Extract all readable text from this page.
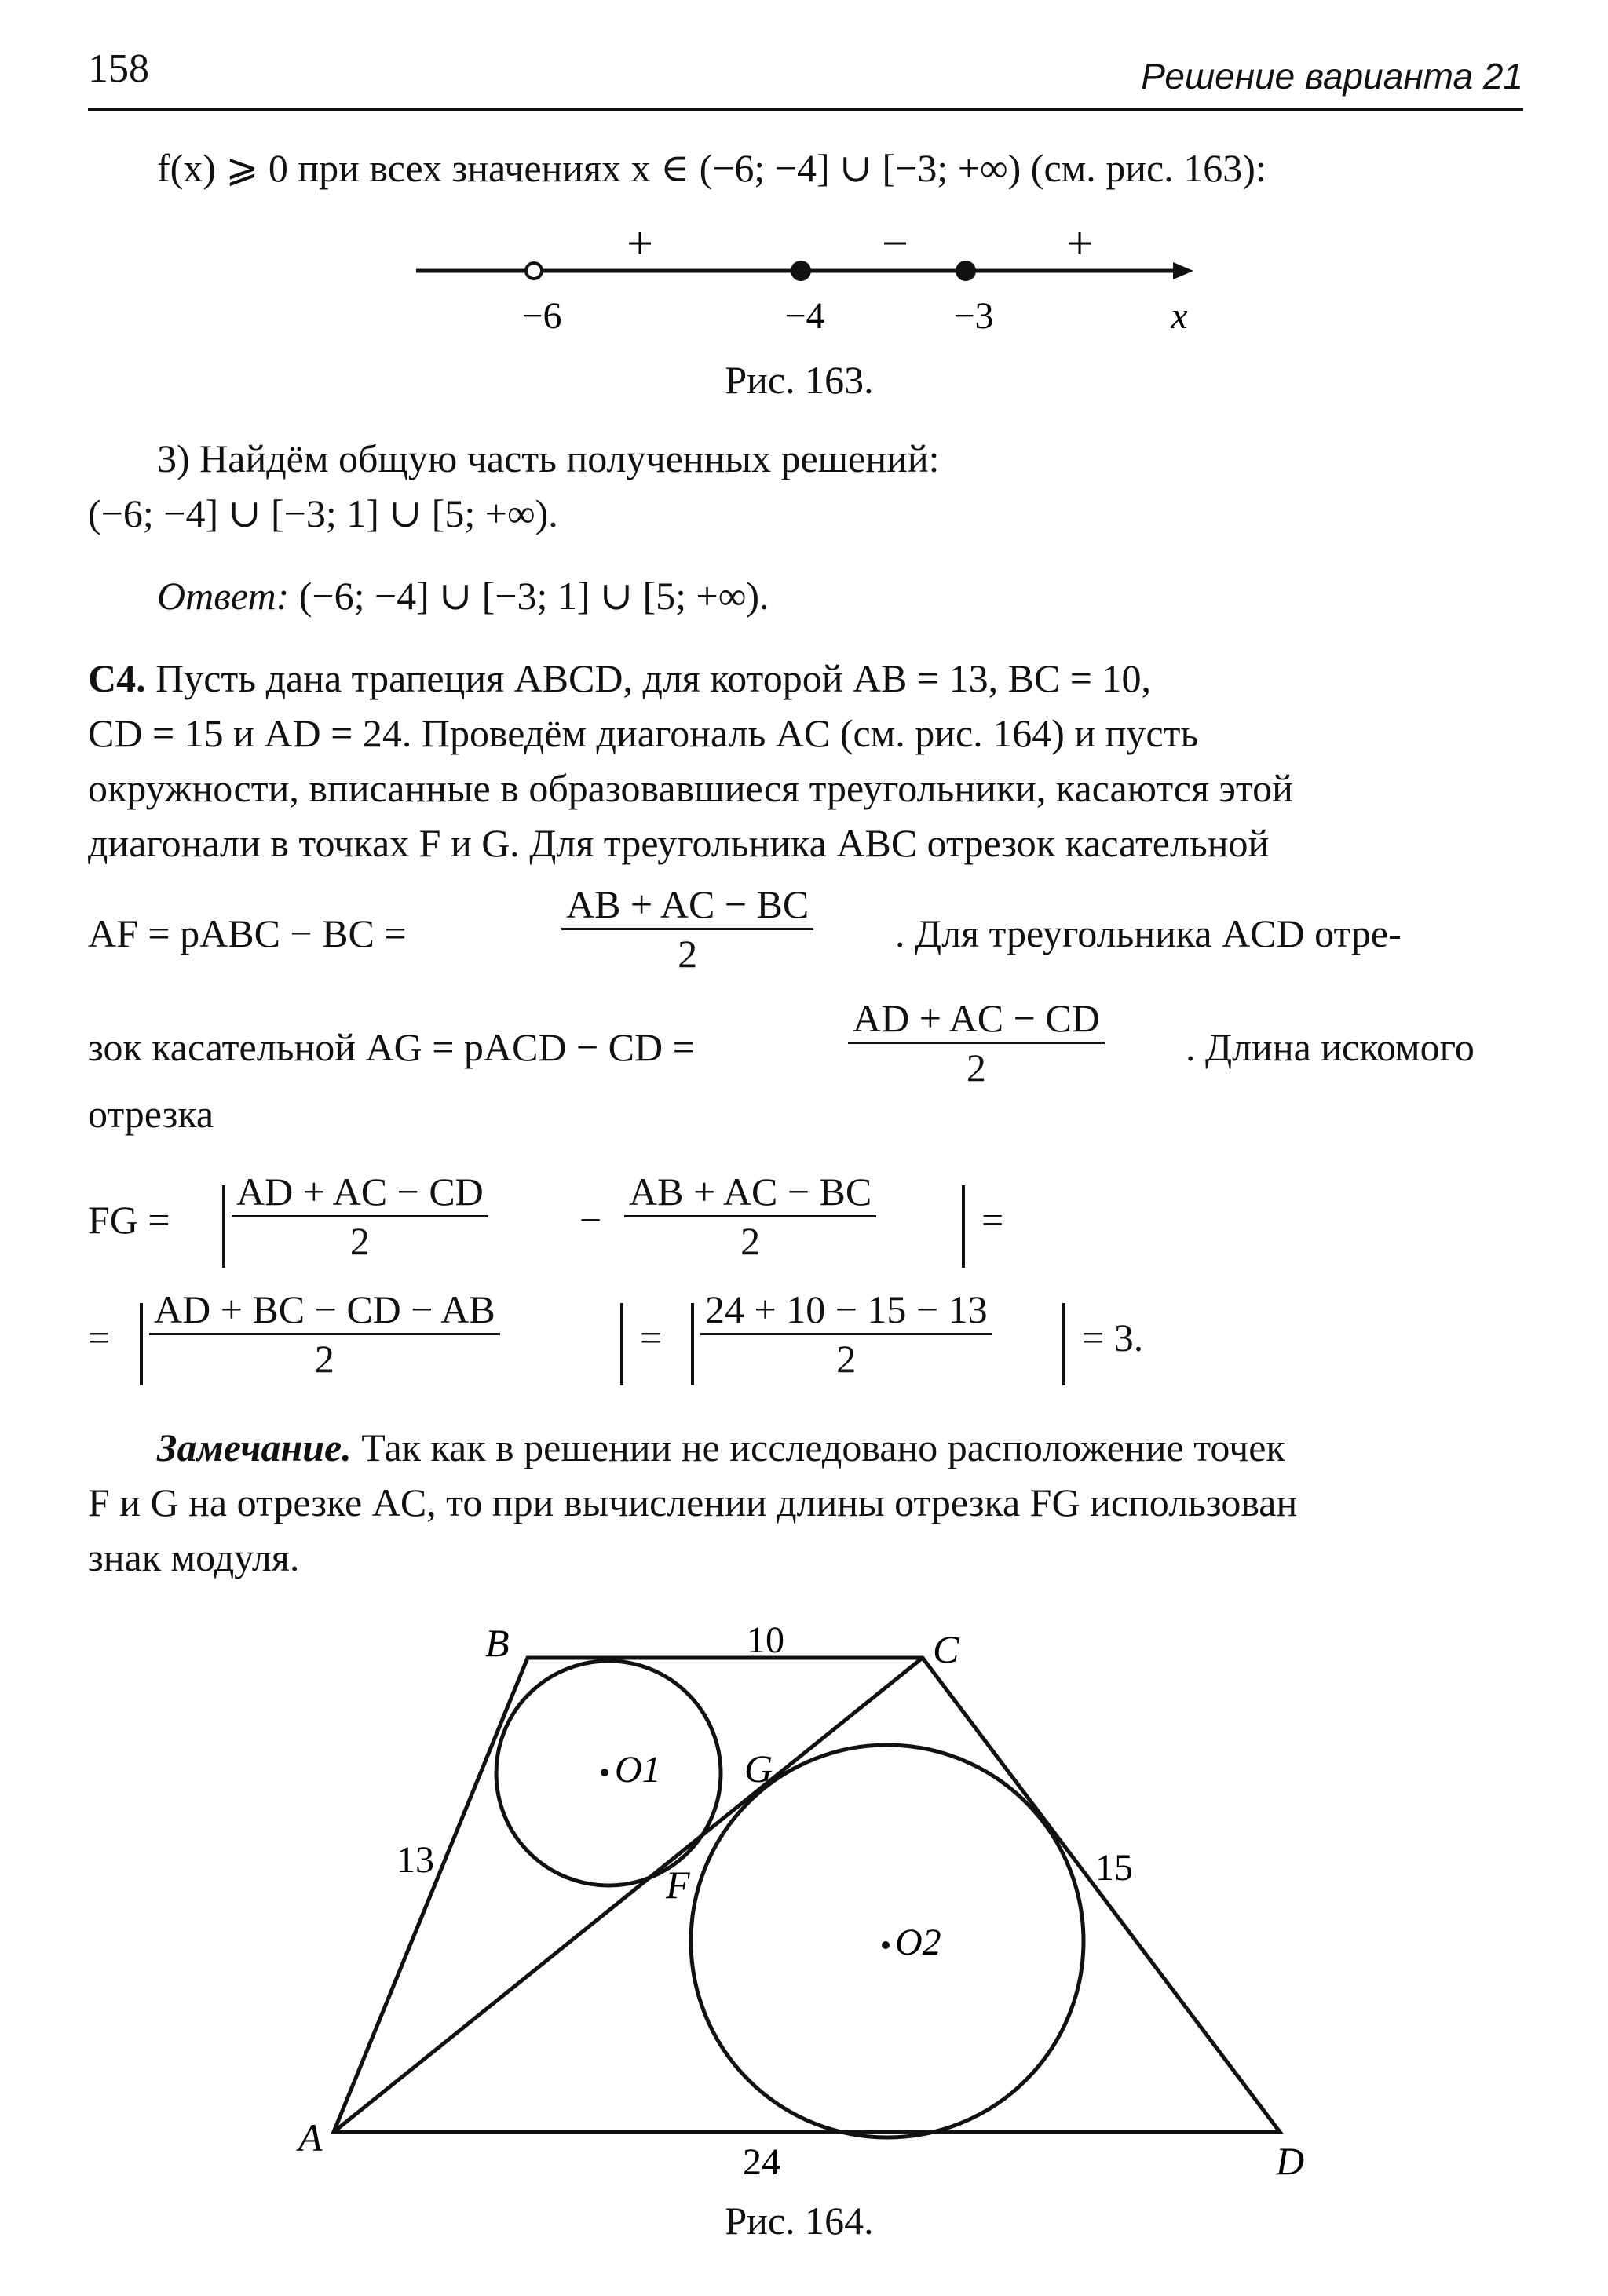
158	Решение варианта 21
f(x) ⩾ 0 при всех значениях x ∈ (−6; −4] ∪ [−3; +∞) (см. рис. 163):
+	−	+
−6	−4	−3	x
A
B	C
D
F
G
O1
O2
10
13	15
24
Рис. 163.
3) Найдём общую часть полученных решений:
(−6; −4] ∪ [−3; 1] ∪ [5; +∞).
Ответ: (−6; −4] ∪ [−3; 1] ∪ [5; +∞).
С4. Пусть дана трапеция ABCD, для которой AB = 13, BC = 10,
CD = 15 и AD = 24. Проведём диагональ AC (см. рис. 164) и пусть
окружности, вписанные в образовавшиеся треугольники, касаются этой
диагонали в точках F и G. Для треугольника ABC отрезок касательной
AF = pABC − BC =	$\frac{AB + AC - BC}{2}$ . Для треугольника ACD отре-
зок касательной AG = pACD − CD =	$\frac{AD + AC - CD}{2}$ . Длина искомого
отрезка
FG = $\frac{AD + AC - CD}{2} - \frac{AB + AC - BC}{2}$	=
= $\frac{AD + BC - CD - AB}{2}$	= $\frac{24 + 10 - 15 - 13}{2} = 3$.
Замечание. Так как в решении не исследовано расположение точек
F и G на отрезке AC, то при вычислении длины отрезка FG использован
знак модуля.
Рис. 164.
